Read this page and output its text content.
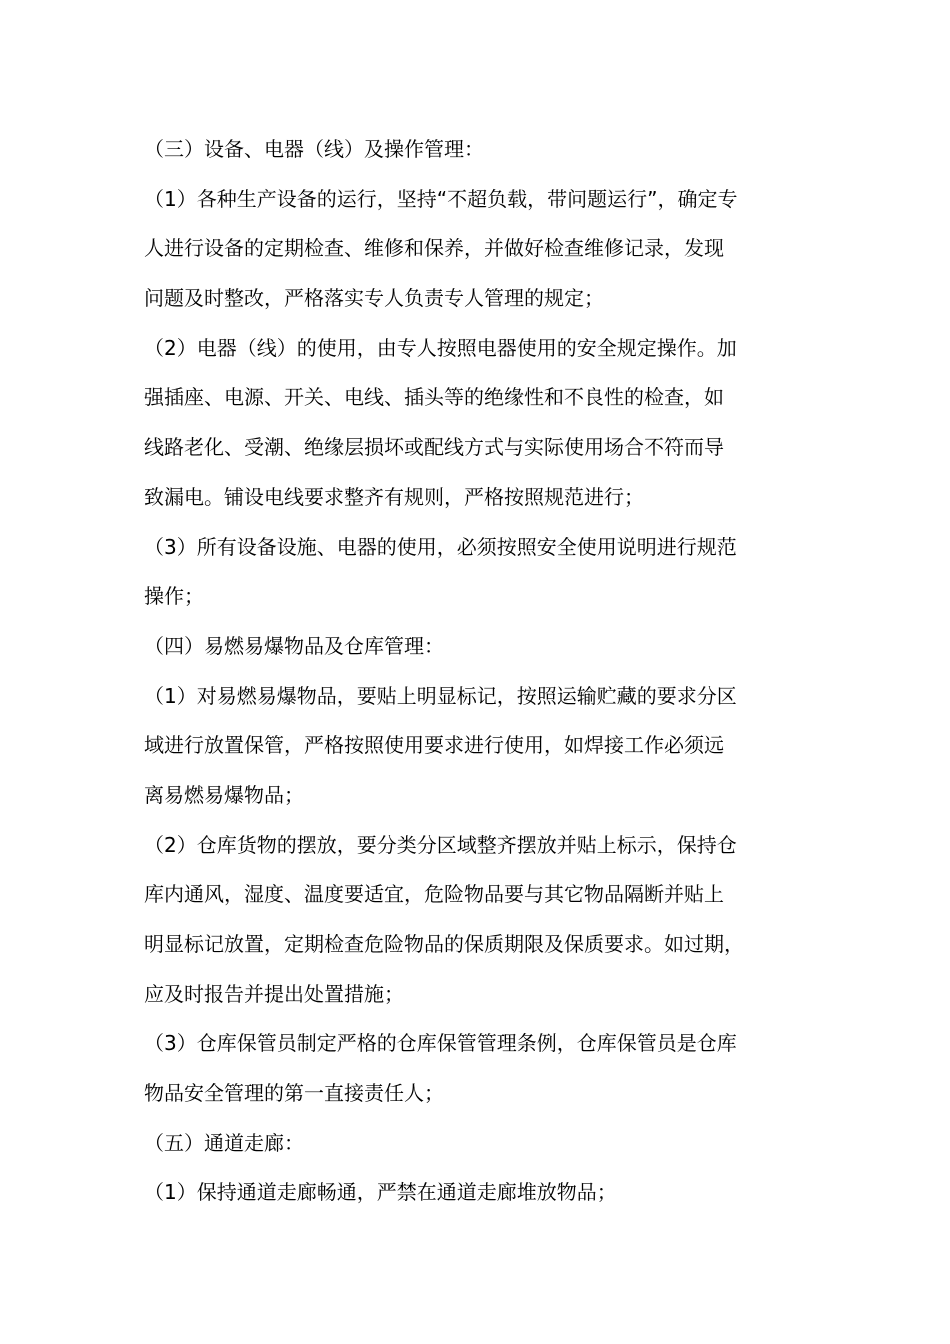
（三）设备、电器（线）及操作管理：
（1）各种生产设备的运行，坚持“不超负载，带问题运行”，确定专
人进行设备的定期检查、维修和保养，并做好检查维修记录，发现
问题及时整改，严格落实专人负责专人管理的规定；
（2）电器（线）的使用，由专人按照电器使用的安全规定操作。加
强插座、电源、开关、电线、插头等的绝缘性和不良性的检查，如
线路老化、受潮、绝缘层损坏或配线方式与实际使用场合不符而导
致漏电。铺设电线要求整齐有规则，严格按照规范进行；
（3）所有设备设施、电器的使用，必须按照安全使用说明进行规范
操作；
（四）易燃易爆物品及仓库管理：
（1）对易燃易爆物品，要贴上明显标记，按照运输贮藏的要求分区
域进行放置保管，严格按照使用要求进行使用，如焊接工作必须远
离易燃易爆物品；
（2）仓库货物的摆放，要分类分区域整齐摆放并贴上标示，保持仓
库内通风，湿度、温度要适宜，危险物品要与其它物品隔断并贴上
明显标记放置，定期检查危险物品的保质期限及保质要求。如过期，
应及时报告并提出处置措施；
（3）仓库保管员制定严格的仓库保管管理条例，仓库保管员是仓库
物品安全管理的第一直接责任人；
（五）通道走廊：
（1）保持通道走廊畅通，严禁在通道走廊堆放物品；
